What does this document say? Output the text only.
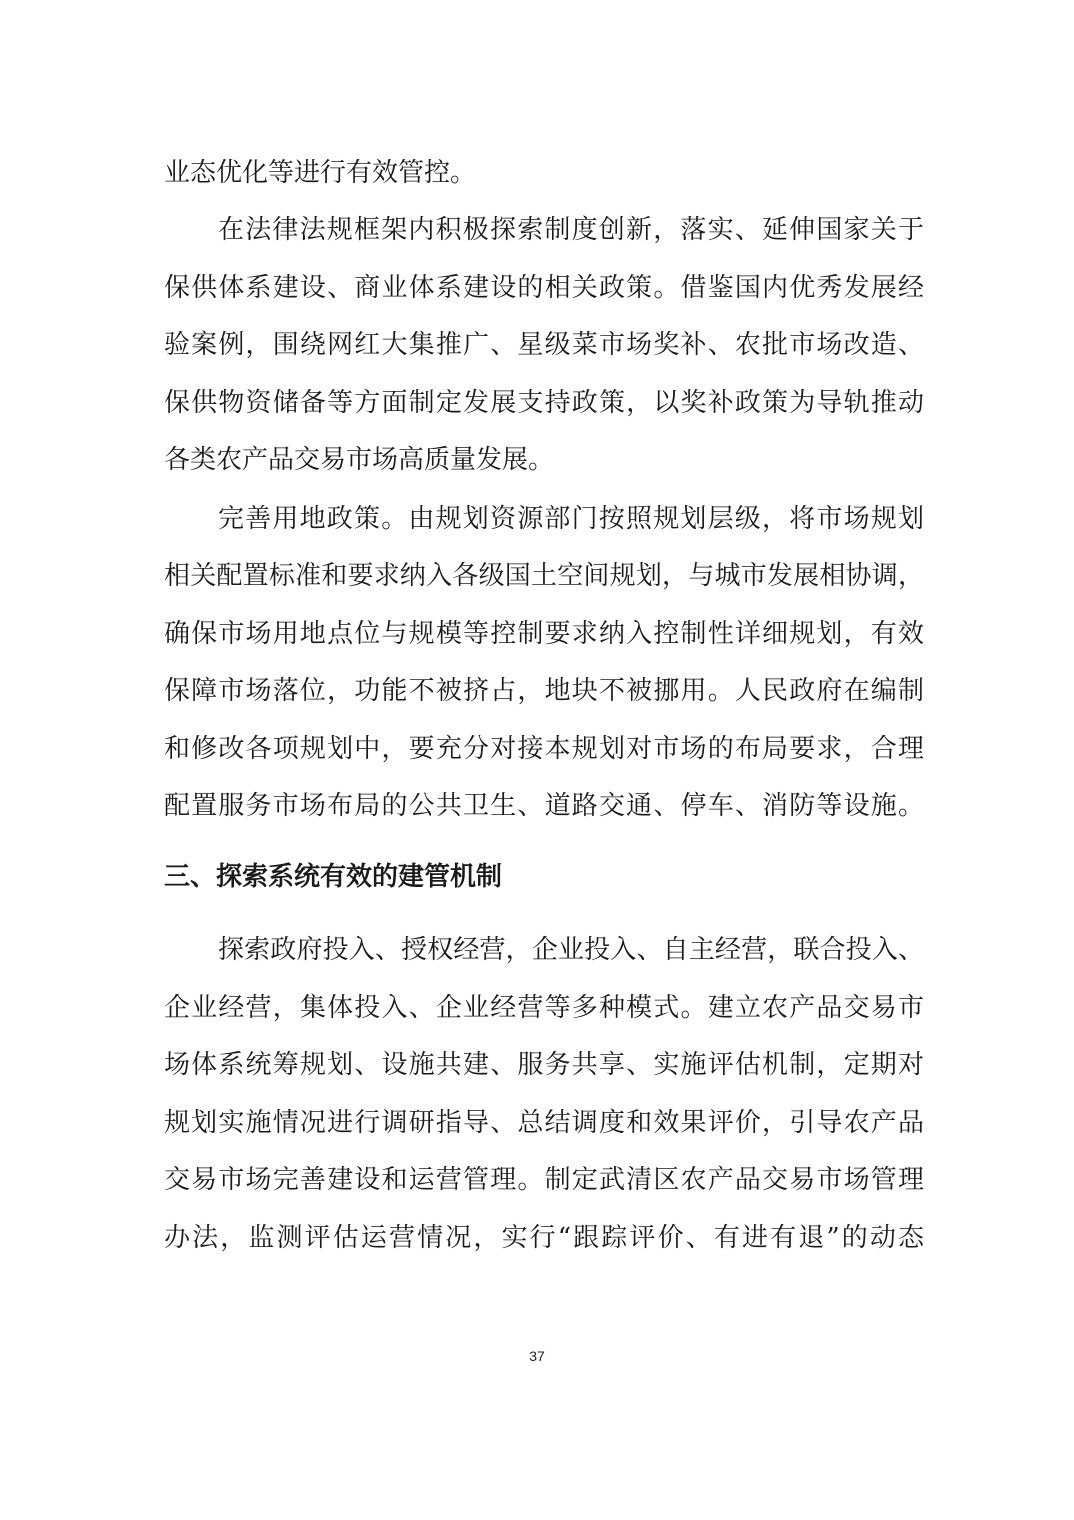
业态优化等进行有效管控。
在法律法规框架内积极探索制度创新，落实、延伸国家关于
保供体系建设、商业体系建设的相关政策。借鉴国内优秀发展经
验案例，围绕网红大集推广、星级菜市场奖补、农批市场改造、
保供物资储备等方面制定发展支持政策，以奖补政策为导轨推动
各类农产品交易市场高质量发展。
完善用地政策。由规划资源部门按照规划层级，将市场规划
相关配置标准和要求纳入各级国土空间规划，与城市发展相协调，
确保市场用地点位与规模等控制要求纳入控制性详细规划，有效
保障市场落位，功能不被挤占，地块不被挪用。人民政府在编制
和修改各项规划中，要充分对接本规划对市场的布局要求，合理
配置服务市场布局的公共卫生、道路交通、停车、消防等设施。
三、探索系统有效的建管机制
探索政府投入、授权经营，企业投入、自主经营，联合投入、
企业经营，集体投入、企业经营等多种模式。建立农产品交易市
场体系统筹规划、设施共建、服务共享、实施评估机制，定期对
规划实施情况进行调研指导、总结调度和效果评价，引导农产品
交易市场完善建设和运营管理。制定武清区农产品交易市场管理
办法，监测评估运营情况，实行“跟踪评价、有进有退”的动态
37
